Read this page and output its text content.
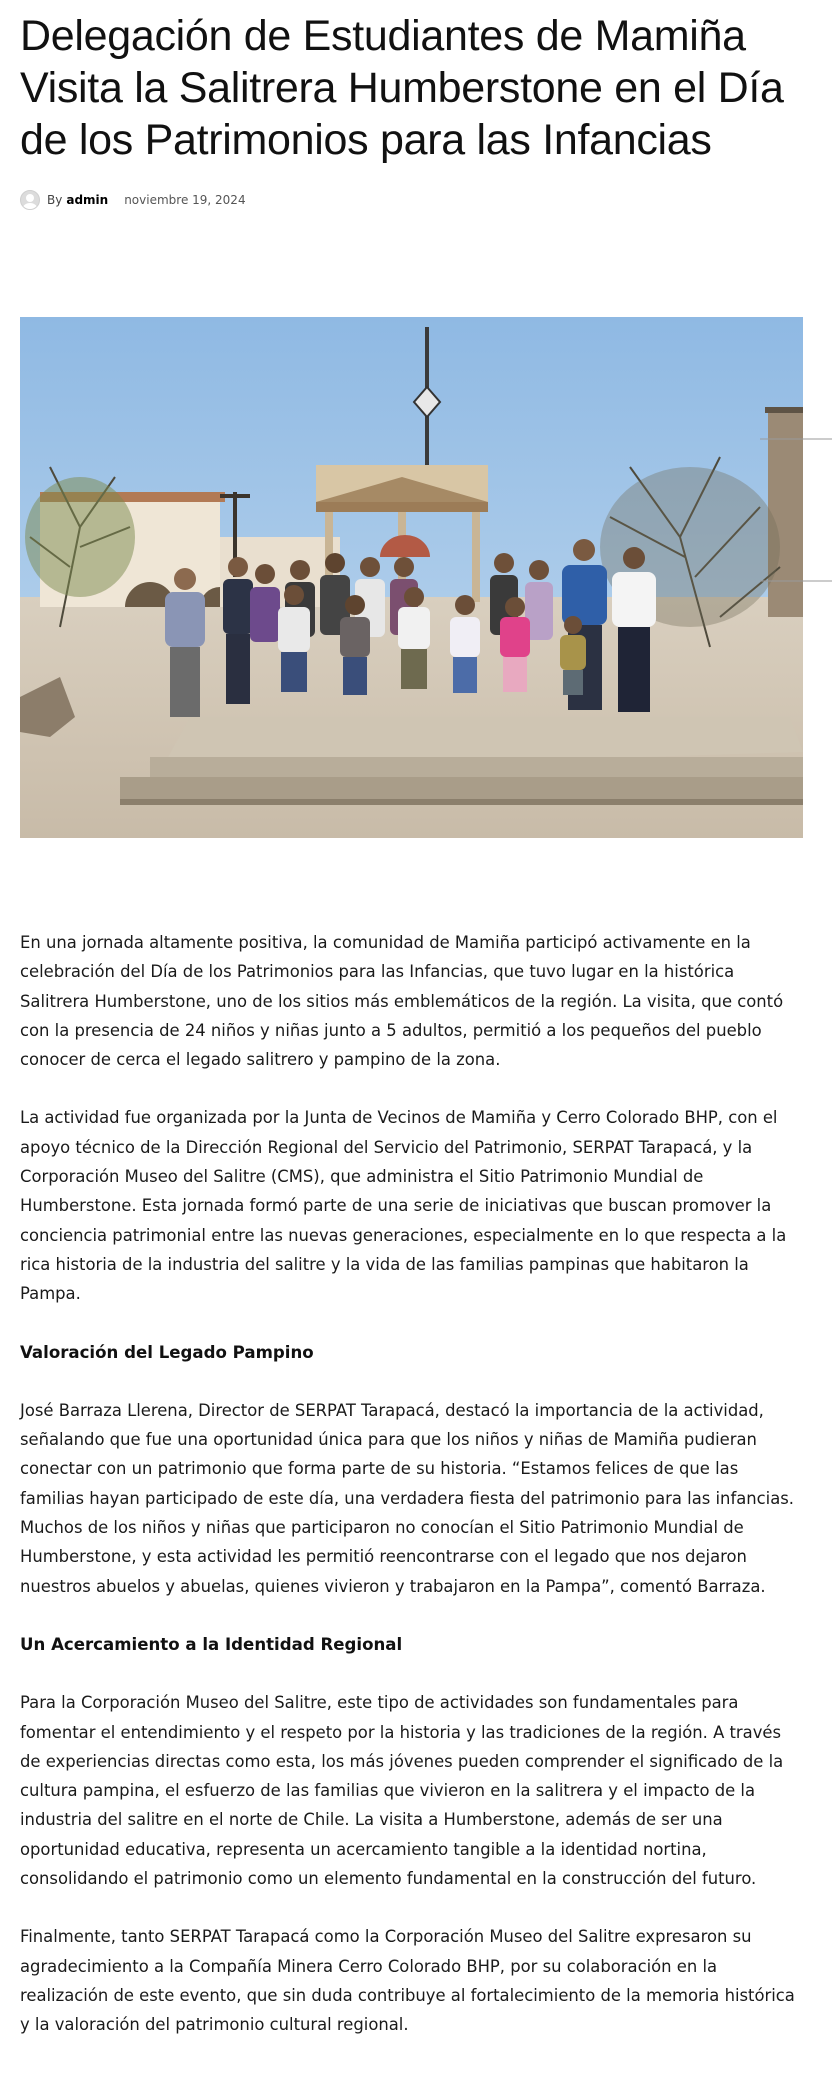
Delegación de Estudiantes de Mamiña Visita la Salitrera Humberstone en el Día de los Patrimonios para las Infancias
By admin noviembre 19, 2024

En una jornada altamente positiva, la comunidad de Mamiña participó activamente en la celebración del Día de los Patrimonios para las Infancias, que tuvo lugar en la histórica Salitrera Humberstone, uno de los sitios más emblemáticos de la región. La visita, que contó con la presencia de 24 niños y niñas junto a 5 adultos, permitió a los pequeños del pueblo conocer de cerca el legado salitrero y pampino de la zona.

La actividad fue organizada por la Junta de Vecinos de Mamiña y Cerro Colorado BHP, con el apoyo técnico de la Dirección Regional del Servicio del Patrimonio, SERPAT Tarapacá, y la Corporación Museo del Salitre (CMS), que administra el Sitio Patrimonio Mundial de Humberstone. Esta jornada formó parte de una serie de iniciativas que buscan promover la conciencia patrimonial entre las nuevas generaciones, especialmente en lo que respecta a la rica historia de la industria del salitre y la vida de las familias pampinas que habitaron la Pampa.

Valoración del Legado Pampino

José Barraza Llerena, Director de SERPAT Tarapacá, destacó la importancia de la actividad, señalando que fue una oportunidad única para que los niños y niñas de Mamiña pudieran conectar con un patrimonio que forma parte de su historia. “Estamos felices de que las familias hayan participado de este día, una verdadera fiesta del patrimonio para las infancias. Muchos de los niños y niñas que participaron no conocían el Sitio Patrimonio Mundial de Humberstone, y esta actividad les permitió reencontrarse con el legado que nos dejaron nuestros abuelos y abuelas, quienes vivieron y trabajaron en la Pampa”, comentó Barraza.

Un Acercamiento a la Identidad Regional

Para la Corporación Museo del Salitre, este tipo de actividades son fundamentales para fomentar el entendimiento y el respeto por la historia y las tradiciones de la región. A través de experiencias directas como esta, los más jóvenes pueden comprender el significado de la cultura pampina, el esfuerzo de las familias que vivieron en la salitrera y el impacto de la industria del salitre en el norte de Chile. La visita a Humberstone, además de ser una oportunidad educativa, representa un acercamiento tangible a la identidad nortina, consolidando el patrimonio como un elemento fundamental en la construcción del futuro.

Finalmente, tanto SERPAT Tarapacá como la Corporación Museo del Salitre expresaron su agradecimiento a la Compañía Minera Cerro Colorado BHP, por su colaboración en la realización de este evento, que sin duda contribuye al fortalecimiento de la memoria histórica y la valoración del patrimonio cultural regional.
